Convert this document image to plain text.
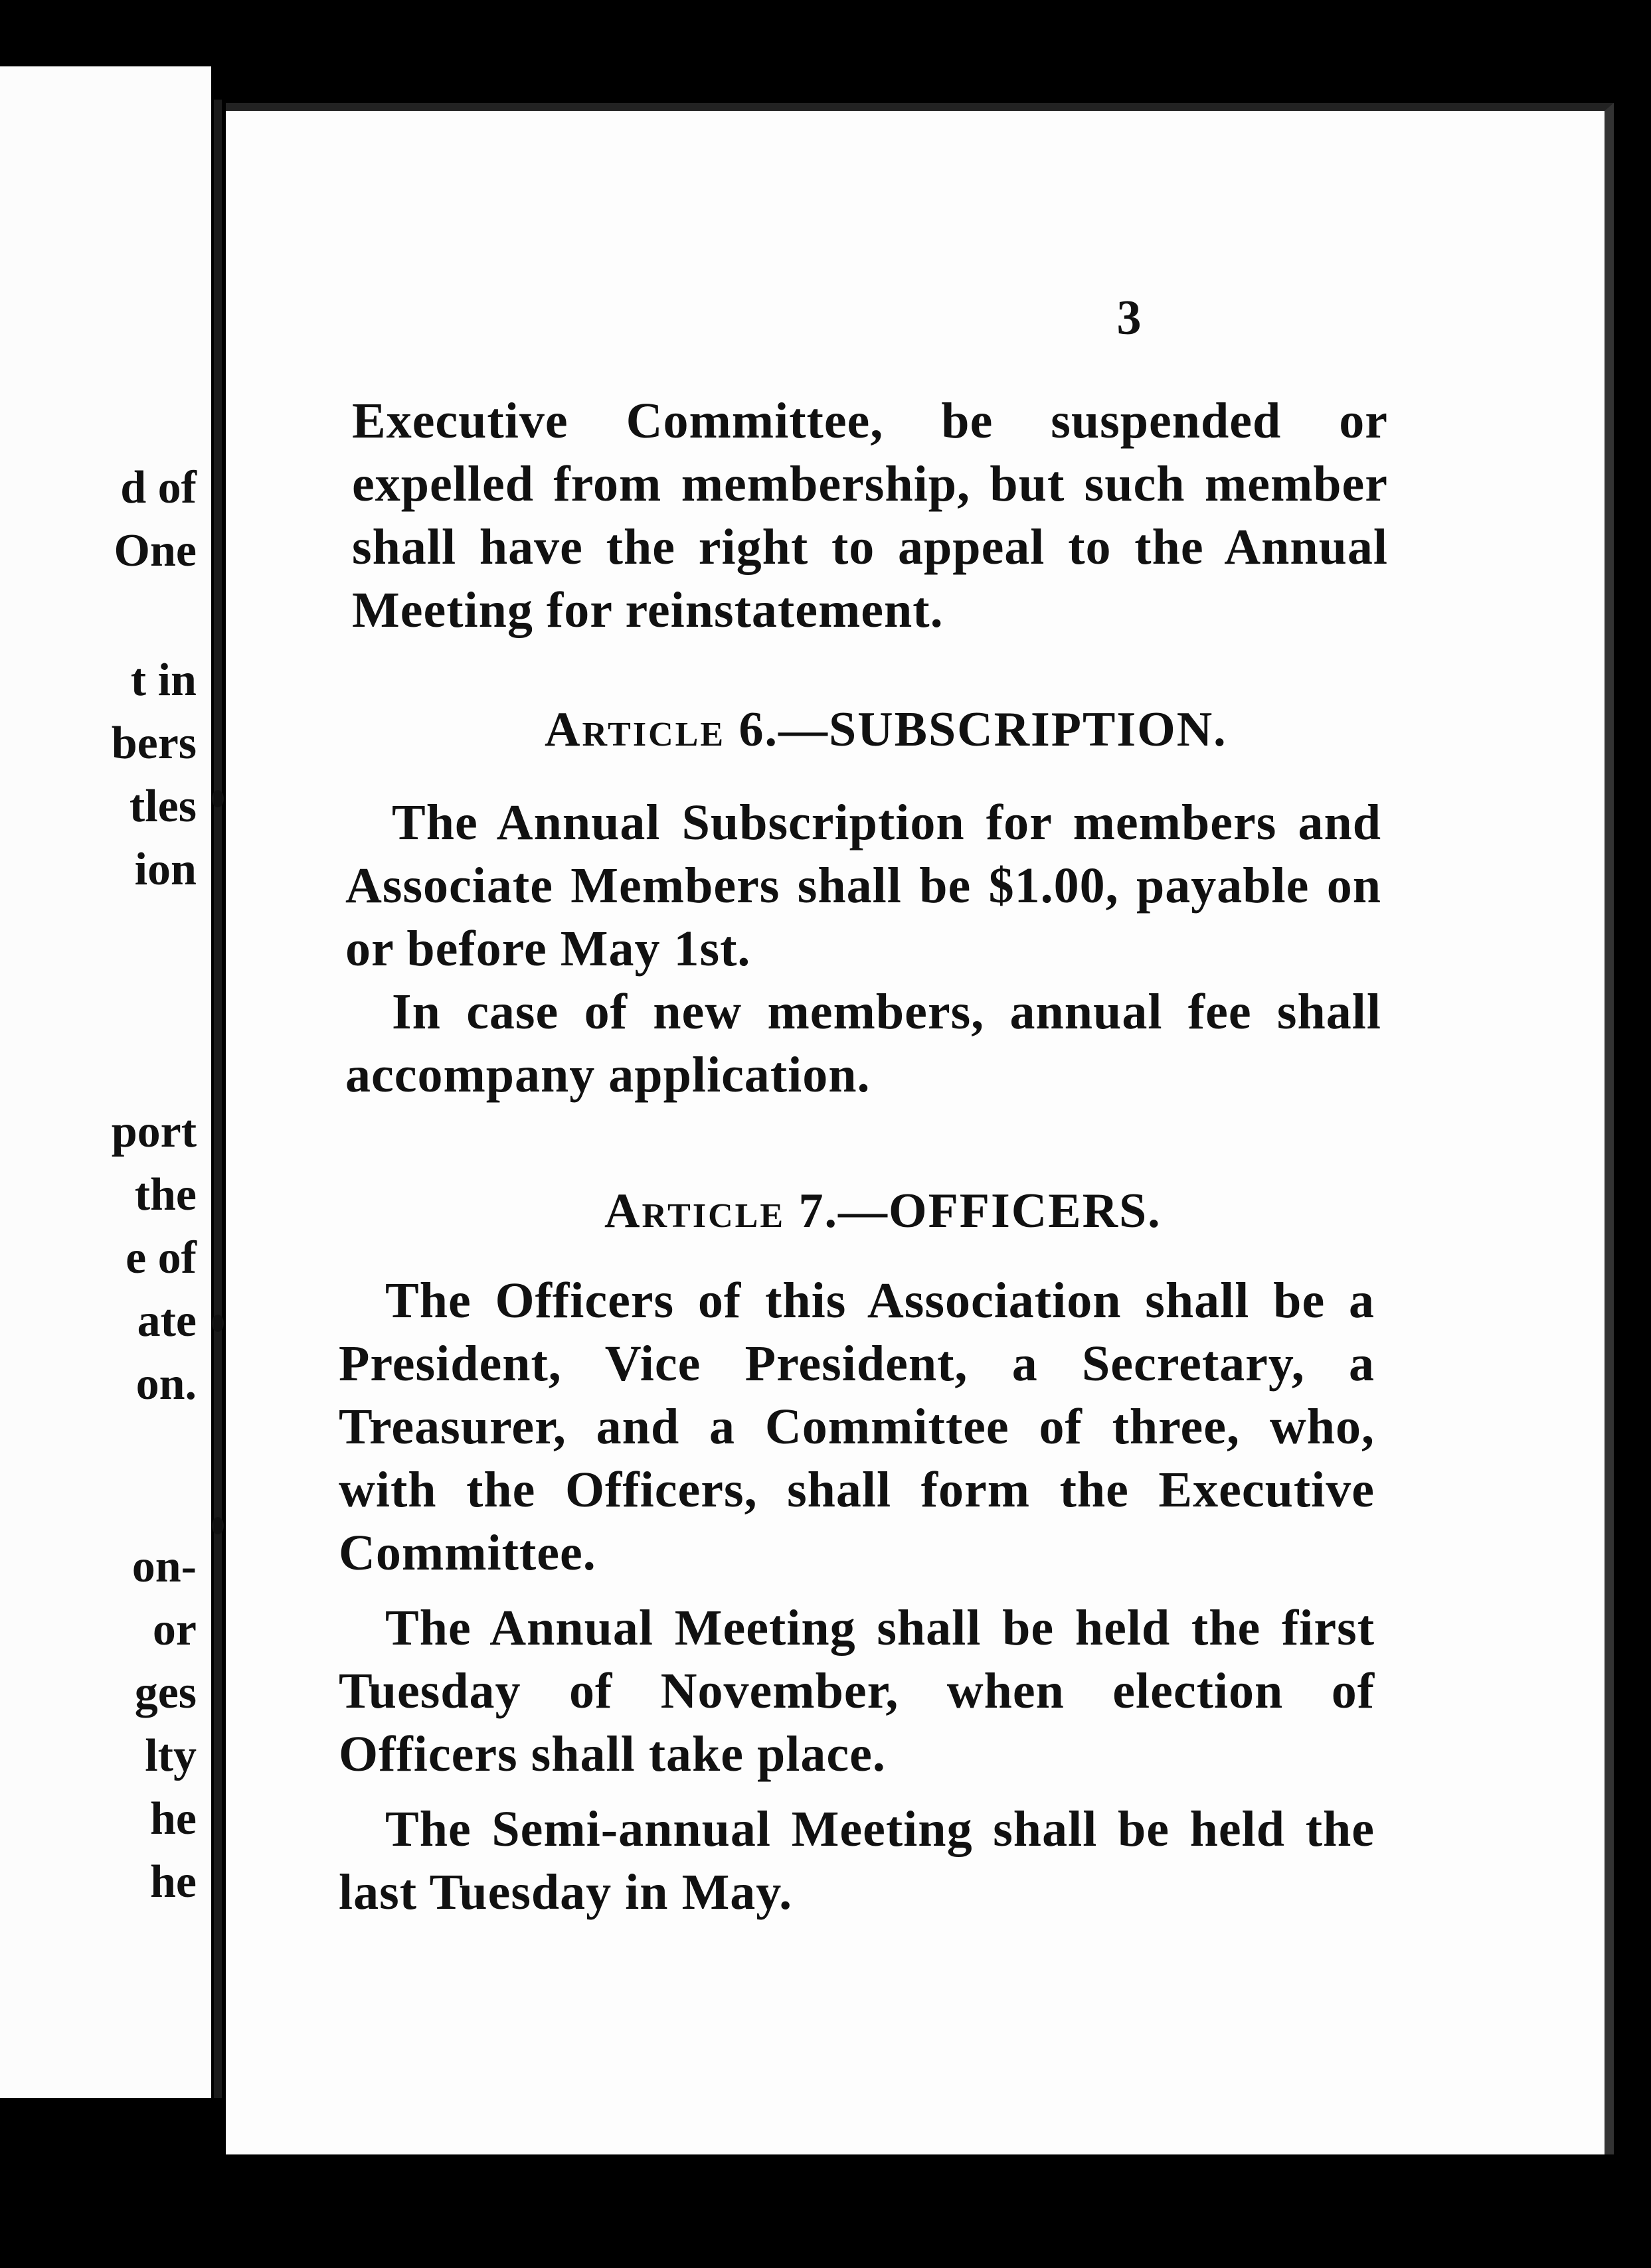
d of
One
t in
bers
tles
ion
port
the
e of
ate
on.
on-
or
ges
lty
he
he
3

Executive Committee, be suspended or expelled from membership, but such member shall have the right to appeal to the Annual Meeting for reinstatement.

Article 6.—SUBSCRIPTION.

The Annual Subscription for members and Associate Members shall be $1.00, payable on or before May 1st.

In case of new members, annual fee shall accompany application.

Article 7.—OFFICERS.

The Officers of this Association shall be a President, Vice President, a Secretary, a Treasurer, and a Committee of three, who, with the Officers, shall form the Executive Committee.

The Annual Meeting shall be held the first Tuesday of November, when election of Officers shall take place.

The Semi-annual Meeting shall be held the last Tuesday in May.
